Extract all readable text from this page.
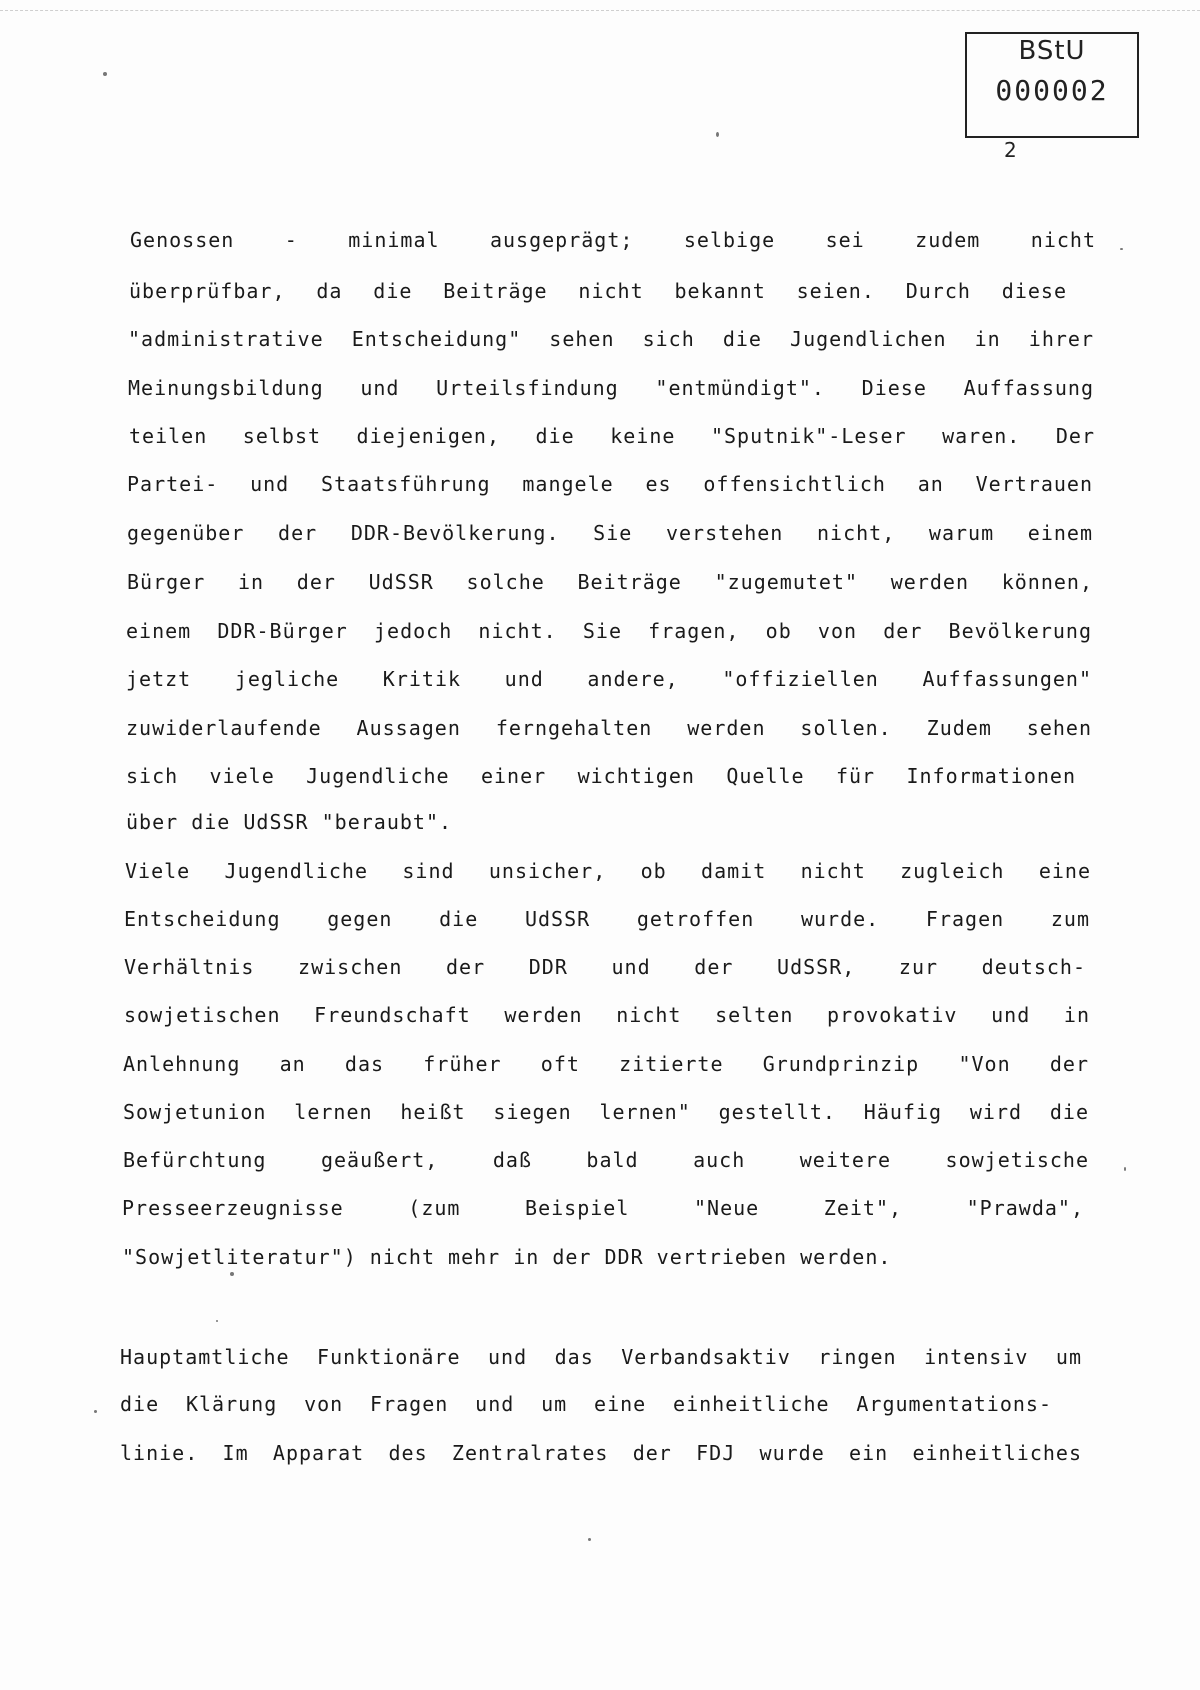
BStU
000002
2
Genossen - minimal ausgeprägt; selbige sei zudem nicht
überprüfbar, da die Beiträge nicht bekannt seien. Durch diese
"administrative Entscheidung" sehen sich die Jugendlichen in ihrer
Meinungsbildung und Urteilsfindung "entmündigt". Diese Auffassung
teilen selbst diejenigen, die keine "Sputnik"-Leser waren. Der
Partei- und Staatsführung mangele es offensichtlich an Vertrauen
gegenüber der DDR-Bevölkerung. Sie verstehen nicht, warum einem
Bürger in der UdSSR solche Beiträge "zugemutet" werden können,
einem DDR-Bürger jedoch nicht. Sie fragen, ob von der Bevölkerung
jetzt jegliche Kritik und andere, "offiziellen Auffassungen"
zuwiderlaufende Aussagen ferngehalten werden sollen. Zudem sehen
sich viele Jugendliche einer wichtigen Quelle für Informationen
über die UdSSR "beraubt".
Viele Jugendliche sind unsicher, ob damit nicht zugleich eine
Entscheidung gegen die UdSSR getroffen wurde. Fragen zum
Verhältnis zwischen der DDR und der UdSSR, zur deutsch-
sowjetischen Freundschaft werden nicht selten provokativ und in
Anlehnung an das früher oft zitierte Grundprinzip "Von der
Sowjetunion lernen heißt siegen lernen" gestellt. Häufig wird die
Befürchtung geäußert, daß bald auch weitere sowjetische
Presseerzeugnisse (zum Beispiel "Neue Zeit", "Prawda",
"Sowjetliteratur") nicht mehr in der DDR vertrieben werden.
Hauptamtliche Funktionäre und das Verbandsaktiv ringen intensiv um
die Klärung von Fragen und um eine einheitliche Argumentations-
linie. Im Apparat des Zentralrates der FDJ wurde ein einheitliches
